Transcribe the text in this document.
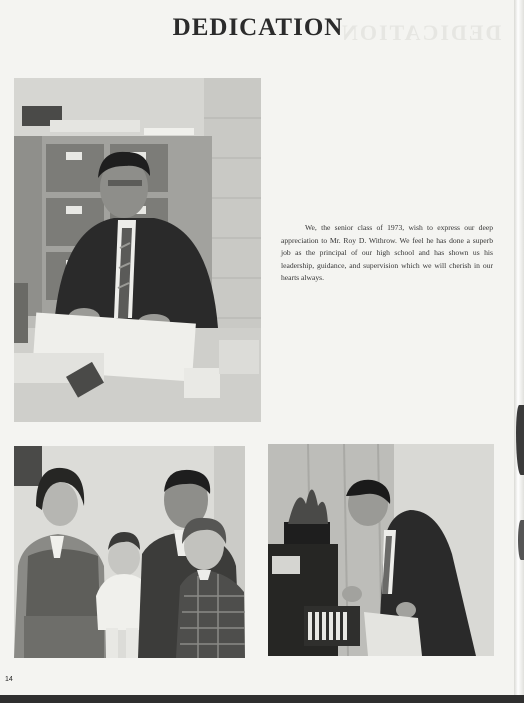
DEDICATION
DEDICATION
We, the senior class of 1973, wish to express our deep appreciation to Mr. Roy D. Withrow. We feel he has done a superb job as the principal of our high school and has shown us his leadership, guidance, and supervision which we will cherish in our hearts always.
14
